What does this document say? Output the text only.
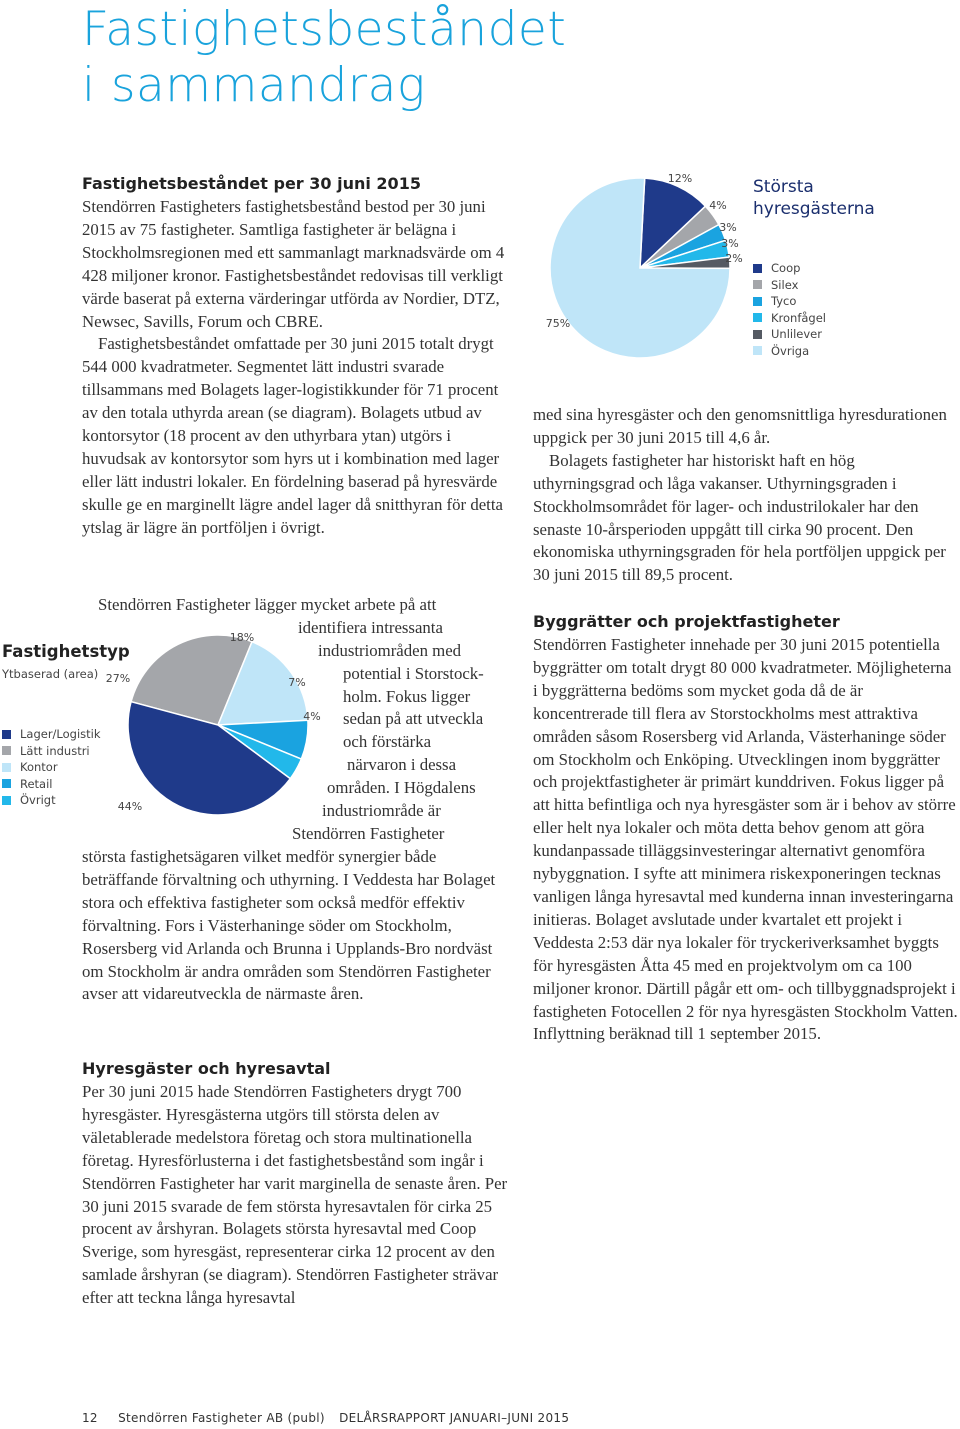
Fastighetsbeståndet
i sammandrag
Fastighetsbeståndet per 30 juni 2015

Stendörren Fastigheters fastighetsbestånd bestod per 30 juni 2015 av 75 fastigheter. Samtliga fastigheter är belägna i Stockholmsregionen med ett sammanlagt marknadsvärde om 4 428 miljoner kronor. Fastighetsbeståndet redovisas till verkligt värde baserat på externa värderingar utförda av Nordier, DTZ, Newsec, Savills, Forum och CBRE.

Fastighetsbeståndet omfattade per 30 juni 2015 totalt drygt 544 000 kvadratmeter. Segmentet lätt industri svarade tillsammans med Bolagets lager-logistikkunder för 71 procent av den totala uthyrda arean (se diagram). Bolagets utbud av kontorsytor (18 procent av den uthyrbara ytan) utgörs i huvudsak av kontorsytor som hyrs ut i kombination med lager eller lätt industri lokaler. En fördelning baserad på hyresvärde skulle ge en marginellt lägre andel lager då snitthyran för detta ytslag är lägre än portföljen i övrigt.

Stendörren Fastigheter lägger mycket arbete på att
identifiera intressanta
industriområden med
potential i Storstock-
holm. Fokus ligger
sedan på att utveckla
och förstärka
närvaron i dessa
områden. I Högdalens
industriområde är
Stendörren Fastigheter
största fastighetsägaren vilket medför synergier både beträffande förvaltning och uthyrning. I Veddesta har Bolaget stora och effektiva fastigheter som också medför effektiv förvaltning. Fors i Västerhaninge söder om Stockholm, Rosersberg vid Arlanda och Brunna i Upplands-Bro nordväst om Stockholm är andra områden som Stendörren Fastigheter avser att vidareutveckla de närmaste åren.
Fastighetstyp
Ytbaserad (area)
Lager/Logistik
Lätt industri
Kontor
Retail
Övrigt	44%
27%
18%
7%
4%
Hyresgäster och hyresavtal
Per 30 juni 2015 hade Stendörren Fastigheters drygt 700 hyresgäster. Hyresgästerna utgörs till största delen av väletablerade medelstora företag och stora multinationella företag. Hyresförlusterna i det fastighetsbestånd som ingår i Stendörren Fastigheter har varit marginella de senaste åren. Per 30 juni 2015 svarade de fem största hyresavtalen för cirka 25 procent av årshyran. Bolagets största hyresavtal med Coop Sverige, som hyresgäst, representerar cirka 12 procent av den samlade årshyran (se diagram). Stendörren Fastigheter strävar efter att teckna långa hyresavtal
12%
4%
3%
3%
2%
75%
Största hyresgästerna
Coop
Silex
Tyco
Kronfågel
Unlilever
Övriga

med sina hyresgäster och den genomsnittliga hyresdurationen uppgick per 30 juni 2015 till 4,6 år.

Bolagets fastigheter har historiskt haft en hög uthyrningsgrad och låga vakanser. Uthyrningsgraden i Stockholmsområdet för lager- och industrilokaler har den senaste 10-årsperioden uppgått till cirka 90 procent. Den ekonomiska uthyrningsgraden för hela portföljen uppgick per 30 juni 2015 till 89,5 procent.

Byggrätter och projektfastigheter
Stendörren Fastigheter innehade per 30 juni 2015 potentiella byggrätter om totalt drygt 80 000 kvadratmeter. Möjligheterna i byggrätterna bedöms som mycket goda då de är koncentrerade till flera av Storstockholms mest attraktiva områden såsom Rosersberg vid Arlanda, Västerhaninge söder om Stockholm och Enköping. Utvecklingen inom byggrätter och projektfastigheter är primärt kunddriven. Fokus ligger på att hitta befintliga och nya hyresgäster som är i behov av större eller helt nya lokaler och möta detta behov genom att göra kundanpassade tilläggsinvesteringar alternativt genomföra nybyggnation. I syfte att minimera riskexponeringen tecknas vanligen långa hyresavtal med kunderna innan investeringarna initieras. Bolaget avslutade under kvartalet ett projekt i Veddesta 2:53 där nya lokaler för tryckeriverksamhet byggts för hyresgästen Åtta 45 med en projektvolym om ca 100 miljoner kronor. Därtill pågår ett om- och tillbyggnadsprojekt i fastigheten Fotocellen 2 för nya hyresgästen Stockholm Vatten. Inflyttning beräknad till 1 september 2015.
12 Stendörren Fastigheter AB (publ) DELÅRSRAPPORT JANUARI–JUNI 2015
